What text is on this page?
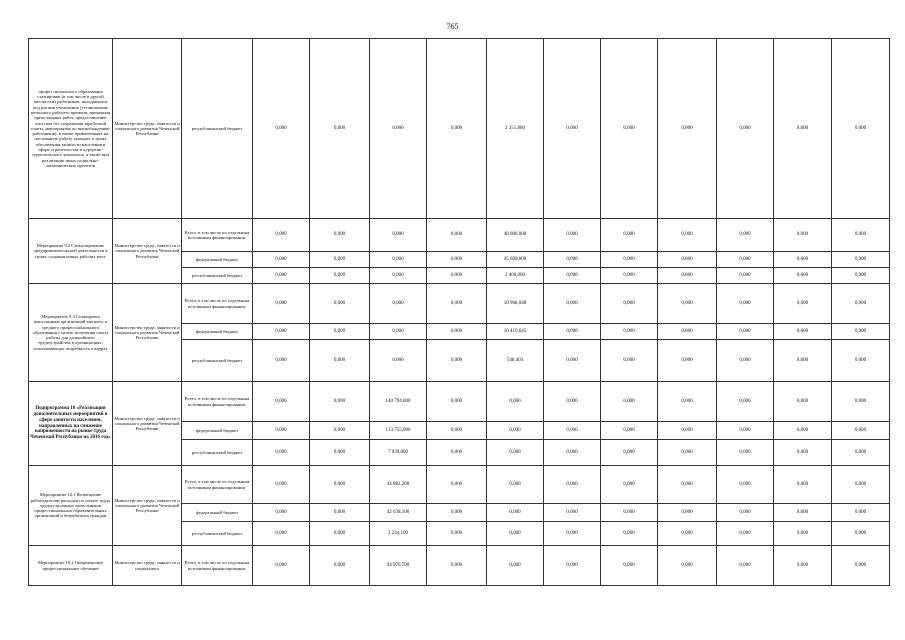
765
профессионального образования стажировки (в том числе в другой местности) работников, находящихся под риском увольнения (установление неполного рабочего времени, временная приостановка работ, предоставление отпусков без сохранения заработной платы, мероприятия по высвобождению работников), в также привлеченных на постоянную работу граждан, в целях обеспечения занятости населения в сфере строительства и курортно-туристического комплекса, а также при реализации иных социально-экономических проектов	Министерство труда, занятости и социального развития Чеченской Республики	республиканский бюджет	0,000	0,000	0,000	0,000	2 351,880	0,000	0,000	0,000	0,000	0,000	0,000
Мероприятие 9.2 Стимулирование предпринимательской деятельности в целях создания новых рабочих мест	Министерство труда, занятости и социального развития Чеченской Республики	Всего, в том числе по отдельным источникам финансирования:	0,000	0,000	0,000	0,000	48 000,000	0,000	0,000	0,000	0,000	0,000	0,000
		федеральный бюджет	0,000	0,000	0,000	0,000	45 600,000	0,000	0,000	0,000	0,000	0,000	0,000
		республиканский бюджет	0,000	0,000	0,000	0,000	2 400,000	0,000	0,000	0,000	0,000	0,000	0,000
Мероприятие 9.3 Стажировка выпускников организаций высшего и среднего профессионального образования с целью получения опыта работы для дальнейшего трудоустройства в организациях, испытывающих потребность в кадрах	Министерство труда, занятости и социального развития Чеченской Республики	Всего, в том числе по отдельным источникам финансирования:	0,000	0,000	0,000	0,000	10 968,048	0,000	0,000	0,000	0,000	0,000	0,000
		федеральный бюджет	0,000	0,000	0,000	0,000	10 419,645	0,000	0,000	0,000	0,000	0,000	0,000
		республиканский бюджет	0,000	0,000	0,000	0,000	548,403	0,000	0,000	0,000	0,000	0,000	0,000
Подпрограмма 10 «Реализация дополнительных мероприятий в сфере занятости населения, направленных на снижение напряженности на рынке труда Чеченской Республики на 2016 год»	Министерство труда, занятости и социального развития Чеченской Республики	Всего, в том числе по отдельным источникам финансирования:	0,000	0,000	140 794,800	0,000	0,000	0,000	0,000	0,000	0,000	0,000	0,000
		федеральный бюджет	0,000	0,000	133 755,000	0,000	0,000	0,000	0,000	0,000	0,000	0,000	0,000
		республиканский бюджет	0,000	0,000	7 039,800	0,000	0,000	0,000	0,000	0,000	0,000	0,000	0,000
Мероприятие 10.1 Возмещение работодателям расходов по оплате труда трудоустроенных выпускников профессиональных образовательных организаций и безработных граждан	Министерство труда, занятости и социального развития Чеченской Республики	Всего, в том числе по отдельным источникам финансирования:	0,000	0,000	44 882,200	0,000	0,000	0,000	0,000	0,000	0,000	0,000	0,000
		федеральный бюджет	0,000	0,000	42 638,100	0,000	0,000	0,000	0,000	0,000	0,000	0,000	0,000
		республиканский бюджет	0,000	0,000	2 244,100	0,000	0,000	0,000	0,000	0,000	0,000	0,000	0,000
Мероприятие 10.2 Опережающее профессиональное обучение	Министерство труда, занятости и социального	Всего, в том числе по отдельным источникам финансирования:	0,000	0,000	94 970,700	0,000	0,000	0,000	0,000	0,000	0,000	0,000	0,000
